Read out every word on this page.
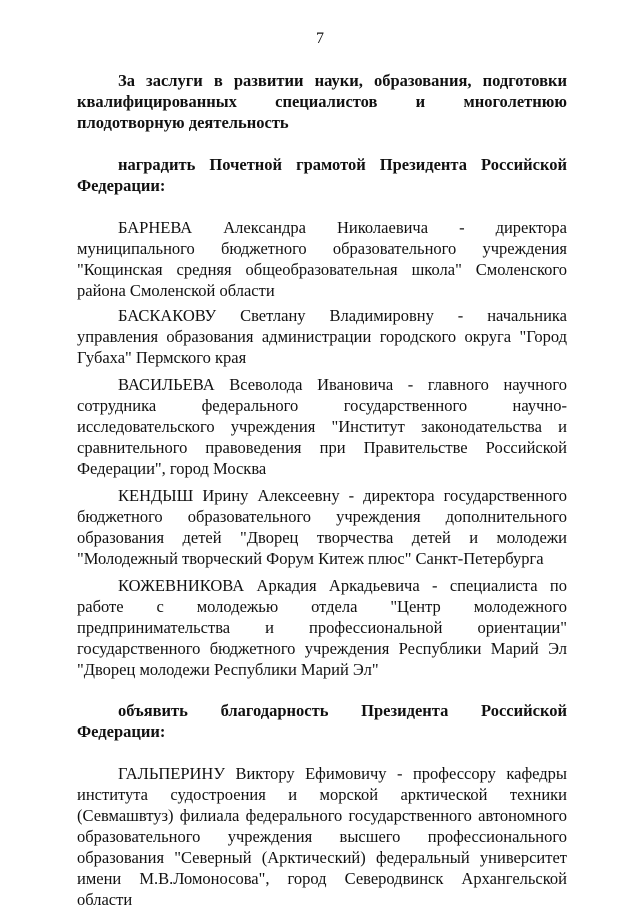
7

За заслуги в развитии науки, образования, подготовки квалифицированных специалистов и многолетнюю плодотворную деятельность

наградить Почетной грамотой Президента Российской Федерации:

БАРНЕВА Александра Николаевича - директора муниципального бюджетного образовательного учреждения "Кощинская средняя общеобразовательная школа" Смоленского района Смоленской области

БАСКАКОВУ Светлану Владимировну - начальника управления образования администрации городского округа "Город Губаха" Пермского края

ВАСИЛЬЕВА Всеволода Ивановича - главного научного сотрудника федерального государственного научно-исследовательского учреждения "Институт законодательства и сравнительного правоведения при Правительстве Российской Федерации", город Москва

КЕНДЫШ Ирину Алексеевну - директора государственного бюджетного образовательного учреждения дополнительного образования детей "Дворец творчества детей и молодежи "Молодежный творческий Форум Китеж плюс" Санкт-Петербурга

КОЖЕВНИКОВА Аркадия Аркадьевича - специалиста по работе с молодежью отдела "Центр молодежного предпринимательства и профессиональной ориентации" государственного бюджетного учреждения Республики Марий Эл "Дворец молодежи Республики Марий Эл"

объявить благодарность Президента Российской Федерации:

ГАЛЬПЕРИНУ Виктору Ефимовичу - профессору кафедры института судостроения и морской арктической техники (Севмашвтуз) филиала федерального государственного автономного образовательного учреждения высшего профессионального образования "Северный (Арктический) федеральный университет имени М.В.Ломоносова", город Северодвинск Архангельской области
